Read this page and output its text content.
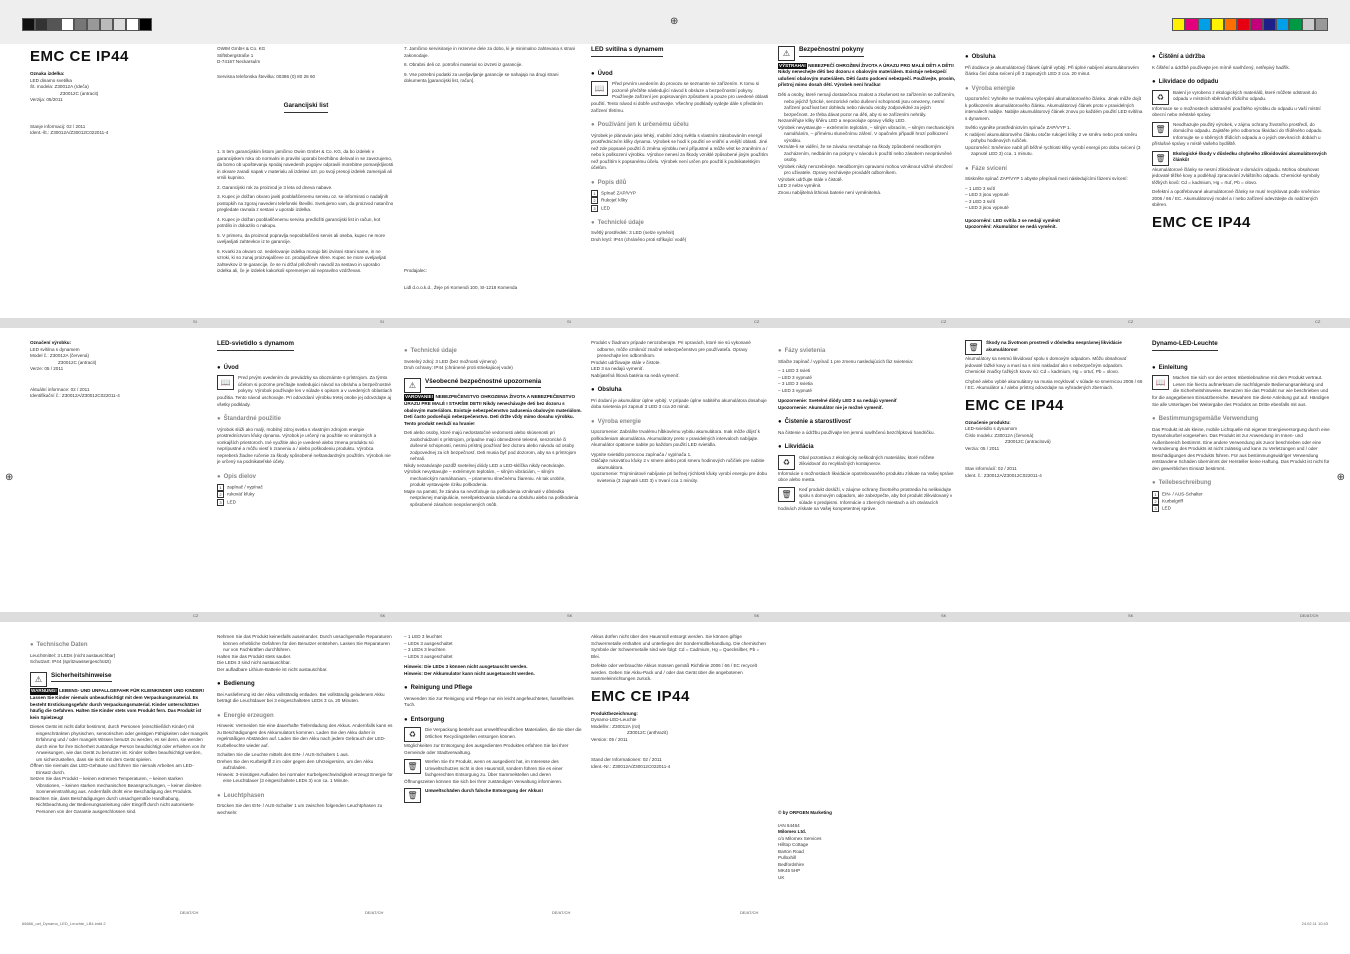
⊕
⊕	⊕
SI	SI	SI	CZ	CZ	CZ	CZ
CZ	SK	SK	SK	SK	SK	DE/AT/CH
DE/AT/CH	DE/AT/CH	DE/AT/CH	DE/AT/CH
66666_ozt_Dynamo_LED_Leuchte_LB4.indd 2	24.02.11 10:43
EMC CE IP44
Oznaka izdelka:
LED dinamo svetilka
Št. modela: Z30012A (rdeča)
Z30012C (antracit)
Verzija: 05/2011
Stanje informacij: 02 / 2011
Ident.-št.: Z30012A/Z30012C022011-4
OWIM GmbH & Co. KG
Stiftsbergstraße 1
D-74167 Neckarsulm
Servisna telefonska številka: 00386 (0) 80 28 60
Garancijski list

1. S tem garancijskim listom jamčimo Owim GmbH & Co. KG, da bo izdelek v garancijskem roku ob normalni in pravilni uporabi brezhibno deloval in se zavezujemo, da bomo ob upoštevanju spodaj navedenih pogojev odpravili morebitne pomanjkljivosti in okvare zaradi napak v materialu ali izdelavi ozr. po svoji presoji izdelek zamenjali ali vrnili kupnino.

2. Garancijski rok za proizvod je 3 leta od dneva nabave.

3. Kupec je dolžan okvaro javiti pooblaščenemu servisu oz. se informirati o nadaljnih postopkih na zgoraj navedeni telefonski številki. Svetujemo vam, da proizvod natančno pregledate ravnala z sestavi v uporabi izdelka.

4. Kupec je dolžan pooblaščenemu servisu predložiti garancijski list in račun, kot potrdilo in dokazilo o nakupu.

5. V primeru, da proizvod popravlja nepooblaščeni servis ali oseba, kupec ne more uveljavljati zahtevkov iz te garancije.

6. Kvarki za okvaro oz. nedelovanje izdelka morajo biti izvirani strani same, in ne vzroki, ki so zunaj proizvajalčeve oz. prodajalčeve sfere. Kupec ne more uveljavljati zahtevkov iz te garancije, če se ni držal priloženih navodil za sestavo in uporabo izdelka ali, če je izdelek kakorkoli spremenjen ali nepravilno vzdrževan.

7. Jamčimo servisiranje in rezervne dele za dobo, ki je minimalno zahtevana s strani zakonodaje.

8. Obrabni deli oz. potrošni material so izvzeti iz garancije.

9. Vse potrebni podatki za uveljavljanje garancije se nahajajo na drugi strani dokumenta [garancijski list, račun].

Prodajalec:

Lidl d.o.o.k.d., Žeje pri Komendi 100, SI-1218 Komenda

LED svítilna s dynamem
● Úvod
📖

Před prvním uvedením do provozu se seznamte se zařízením. K tomu si pozorně přečtěte následující návod k obsluze a bezpečnostní pokyny. Používejte zařízení jen popisovaným způsobem a pouze pro uvedené oblasti použití. Tento návod si dobře uschovejte. Všechny podklady vydejte dále s předáním zařízení třetímu.

● Používání jen k určenému účelu

Výrobek je plánován jako lehký, mobilní zdroj světla s vlastním zásobováním energií prostřednictvím klíky dynama. Výrobek se hodí k použití ve vnitřní a vnější oblasti. Jiné než zde popsané použití či změna výrobku není přípustné a může vést ke zraněním a / nebo k poškození výrobku. Výrobce nenesí za škody vzniklé způsobené jiným použitím než použitím k popsanému účelu. Výrobek není určen pro použití k podnikatelským účelům.

● Popis dílů
1 Spínač ZAP/VYP
2 Rukojeť klíky
3 LED
● Technické údaje
Světlý prostředek: 3 LED (nelze vyměnit)
Druh krytí: IP44 (chráněno proti stříkající vodě)
⚠	Bezpečnostní pokyny

VÝSTRAHA! NEBEZPEČÍ OHROŽENÍ ŽIVOTA A ÚRAZU PRO MALÉ DĚTI A DĚTI! Nikdy nenechejte děti bez dozoru s obalovým materiálem. Existuje nebezpečí udušení obalovým materiálem. Děti často podcení nebezpečí. Používejte, prosím, přístroj mimo dosah dětí. Výrobek není hračka!

Děti a osoby, které nemají dostatečnou znalost a zkušenost se zařízením se zařízením, nebo jejichž fyzické, senzorické nebo duševní schopnosti jsou omezeny, nesmí zařízení používat bez dohledu nebo návodu osoby zodpovědné za jejich bezpečnost. Je třeba dávat pozor na děti, aby si se zařízením nehrály.

Nezaměřujte klíky šňěru LED a nepovolujte opravy vlídky LED.

Výrobek nevystavujte – extrémním teplotám, – silným vibracím, – silným mechanickým namáháním, – přímému slunečnímu záření. V opačném případě hrozí poškození výrobku.

Veznáte-li se vidění, že se závuku nevztahuje na škody způsobené neodborným zacházením, nedbáním na pokyny v návodu k použití nebo zásahem neoprávněné osoby.

Výrobek nikdy nerozebírejte. Neodborným opravami mohou vzniknout vážné ohrožení pro uživatele. Opravy nechávejte provádět odborníkem.

Výrobek udržujte stále v čistotě.

LED 3 nelze vyměnit.

Znovu nabíjitelná lithiová baterie není vyměnitelná.

● Obsluha

Při dodávce je akumulátorový článek úplně vybitý. Při úplné nabíjení akumulátorovém článku činí doba svícení při 3 zapnutých LED 3 cca. 20 minut.

● Výroba energie

Upozornění: Vyhněte se trvalému vyčerpání akumulátorového článku. Jinak může dojít k poškozením akumulátorového článku. Akumulátorový článek proto v pravidelných intervalech nabijte. Nabijte akumulátorový článek znovu po každém použití LED svítilna s dynamem.

Světlo vypněte prostřednictvím spínače ZAP/VYP 1.

K nabíjení akumulátorového článku otočte rukojetí klíky 2 ve směru nebo proti směru pohybu hodinových ručiček.

Upozornění: Směrnice nabít při běžné rychlosti klíky vyrobí energii pro dobu svícení (3 zapnuté LED 3) cca. 1 minutu.

● Fáze svícení

Stiskněte spínač ZAP/VYP 1 abyste přepínali mezi následujícími fázemi svícení:

– 1 LED 3 svítí
– LED 3 jsou vypnuté
– 3 LED 3 svítí
– LED 3 jsou vypnuté
Upozornění: LED svítila 3 se nedají vyměnit
Upozornění: Akumulátor se nedá vyměnit.
● Čištění a údržba

K čištění a údržbě používejte jen mírně navlhčený, netřepivý hadřík.

● Likvidace do odpadu
♻

Balení je vyrobeno z ekologických materiálů, které můžete odstranit do odpadu v místních sběrnách třídicího odpadu.

Informace se o možnostech odstranění použitého výrobku do odpadu u Vaší místní obecní nebo městské správy.

🗑

Neodhazujte použitý výrobek, v zájmu ochrany životního prostředí, do domácího odpadu. Zajistěte jeho odbornou likvidaci do tříděného odpadu. Informujte se o sběrných třídicích odpadu a o jejich otevíracích dobách u příslušné správy v místě Vašeho bydliště.

🗑

Ekologické škody v důsledku chybného zlikvidování akumulátorových článků!

Akumulátorové články se nesmí zlikvidovat v domácím odpadu. Mohou obsahovat jedovaté těžké kovy a podléhají zpracování zvláštního odpadu. Chemické symboly těžkých kovů: Cd = kadmium, Hg = rtuť, Pb = olovo.

Defektní a opotřebované akumulátorové články se musí recyklovat podle směrnice 2006 / 66 / EC. Akumulátorový model a / nebo zařízení odevzdejte do nabízených sběren.

EMC CE IP44
Označení výrobku:
LED svítilna s dynamem
Model č.: Z30012A (červená)
Z30012C (antracit)
Verze: 05 / 2011
Aktuální informace: 02 / 2011
Identifikační č.: Z30012A/Z30012C022011-4
LED-svietidlo s dynamom
● Úvod
📖

Pred prvým uvedením do prevádzky sa oboznámte s prístrojom. Za týmto účelom si pozorne prečítajte nasledujúci návod na obsluhu a bezpečnostné pokyny. Výrobok používajte len v súlade s opisom a v uvedených oblastiach použitia. Tento návod uschovajte. Pri odovzdaní výrobku tretej osobe jej odovzdajte aj všetky podklady.

● Štandardné použitie

Výrobok slúži ako malý, mobilný zdroj svetla s vlastným zdrojom energie prostredníctvom kľuky dynama. Výrobok je určený na použitie vo vnútorných a vonkajších priestoroch. Iné využitie ako je uvedené alebo zmena produktu sú neprípustné a môžu viesť k zraneniu a / alebo poškodeniu produktu. Výrobca nepreberá žiadne ručenie za škody spôsobené neštandardným použitím. Výrobok nie je určený na podnikateľské účely.

● Opis dielov
1 zapínač / vypínač
2 rukoväť kľuky
3 LED
● Technické údaje
Svetelný zdroj: 3 LED (bez možnosti výmeny)
Druh ochrany: IP44 (chránené proti striekajúcej vode)
⚠	Všeobecné bezpečnostné upozornenia

VAROVANIE! NEBEZPEČENSTVO OHROZENIA ŽIVOTA A NEBEZPEČENSTVO ÚRAZU PRE MALÉ I STARŠIE DETI! Nikdy nenechávajte deti bez dozoru s obalovým materiálom. Existuje nebezpečenstvo zadusenia obalovým materiálom. Deti často podceňujú nebezpečenstvo. Deti držte vždy mimo dosahu výrobku. Tento produkt nesluží na hranie!

Deti alebo osoby, ktoré majú nedostatočné vedomosti alebo skúsenosti pri zaobchádzaní s prístrojom, prípadne majú obmedzené telesné, senzorické či duševné schopnosti, nesmú prístroj používať bez dozoru alebo návodu od osoby zodpovednej za ich bezpečnosť. Deti musia byť pod dozorom, aby sa s prístrojom nehrali.

Nikdy nezatvárajte pozdĺž svetelnej diódy LED a LED-sklíčka nikdy neotvárajte.

Výrobok nevystavujte – extrémnym teplotám, – silným vibráciám, – silným mechanickým namáhaniam, – priamemu slnečnému žiareniu. Ak tak urobíte, produkt vystavujete riziku poškodenia.

Majte na pamäti, že záruka sa nevzťahuje na poškodenia vzniknuté v dôsledku nesprávnej manipulácie, nerešpektovania návodu na obsluhu alebo na poškodenia spôsobené zásahom neoprávnených osôb.

Produkt v žiadnom prípade nerozoberajte. Pri opravách, ktoré nie sú vykonané odborne, môže vzniknúť značné nebezpečenstvo pre používateľa. Opravy prenechajte len odborníkom.

Produkt udržiavajte stále v čistote.

LED 3 sa nedajú vymeniť.

Nabíjateľná lítiová batéria sa nedá vymeniť.

● Obsluha

Pri dodaní je akumulátor úplne vybitý. V prípade úplne nabitého akumulátora dosahuje doba svietenia pri zapnutí 3 LED 3 cca 20 minút.

● Výroba energie

Upozornenie: Zabráňte trvalému hĺbkovému vybitiu akumulátora. Inak môže dôjsť k poškodeniam akumulátora. Akumulátory preto v pravidelných intervaloch nabíjajte. Akumulátor opätovne nabite po každom použití LED svietidla.

Vypnite svietidlo pomocou zapínača / vypínača 1.

Otáčajte rukoväťou kľuky 2 v smere alebo proti smeru hodinových ručičiek pre nabitie akumulátora.

Upozornenie: Trojminútové nabíjanie pri bežnej rýchlosti kľuky vyrobí energiu pre dobu svietenia (3 zapnuté LED 3) v trvaní cca 1 minúty.

● Fázy svietenia

Stlačte zapínač / vypínač 1 pre zmenu nasledujúcich fáz svietenia:

– 1 LED 3 svieti
– LED 3 vypnuté
– 3 LED 3 svietia
– LED 3 vypnuté
Upozornenie: Svetelné diódy LED 3 sa nedajú vymeniť
Upozornenie: Akumulátor nie je možné vymeniť.
● Čistenie a starostlivosť

Na čistenie a údržbu používajte len jemnú navlhčenú bezchĺpkovú handričku.

● Likvidácia
♻

Obal pozostáva z ekologicky neškodných materiálov, ktoré môžete zlikvidovať do recyklačných kontajnerov.

Informácie o možnostiach likvidácie opotrebovaného produktu získate na Vašej správe obce alebo mesta.

🗑

Keď produkt doslúži, v záujme ochrany životného prostredia ho nelikvidujte spolu s domovým odpadom, ale zabezpečte, aby bol produkt zlikvidovaný v súlade s predpismi. Informácie o zberných miestach a ich otváracích hodinách získate na Vašej kompetentnej správe.

🗑

Škody na životnom prostredí v dôsledku nesprávnej likvidácie akumulátorov!

Akumulátory sa nesmú likvidovať spolu s domovým odpadom. Môžu obsahovať jedovaté ťažké kovy a musí sa s nimi nakladať ako s nebezpečným odpadom. Chemické značky ťažkých kovov sú: Cd = kadmium, Hg = ortuť, Pb = olovo.

Chybné alebo vybité akumulátory sa musia recyklovať v súlade so smernicou 2006 / 66 / EC. Akumulátor a / alebo prístroj odovzdajte na vyhradených zberniach.

EMC CE IP44
Označenie produktu:
LED-svietidlo s dynamom
Číslo modelu: Z30012A (červená)
Z30012C (antracitová)
Verzia: 05 / 2011
Stav informácií: 02 / 2011
Ident. č.: Z30012A/Z30012C022011-4
Dynamo-LED-Leuchte
● Einleitung
📖

Machen Sie sich vor der ersten Inbetriebnahme mit dem Produkt vertraut. Lesen Sie hierzu aufmerksam die nachfolgende Bedienungsanleitung und die Sicherheitshinweise. Benutzen Sie das Produkt nur wie beschrieben und für die angegebenen Einsatzbereiche. Bewahren Sie diese Anleitung gut auf. Händigen Sie alle Unterlagen bei Weitergabe des Produkts an Dritte ebenfalls mit aus.

● Bestimmungsgemäße Verwendung

Das Produkt ist als kleine, mobile Lichtquelle mit eigener Energieversorgung durch eine Dynamokurbel vorgesehen. Das Produkt ist zur Anwendung im Innen- und Außenbereich bestimmt. Eine andere Verwendung als zuvor beschrieben oder eine Veränderung des Produkts ist nicht zulässig und kann zu Verletzungen und / oder Beschädigungen des Produkts führen. Für aus bestimmungswidriger Verwendung entstandene Schäden übernimmt der Hersteller keine Haftung. Das Produkt ist nicht für den gewerblichen Einsatz bestimmt.

● Teilebeschreibung
1 EIN- / AUS-Schalter
2 Kurbelgriff
3 LED
● Technische Daten
Leuchtmittel: 3 LEDs (nicht austauschbar)
Schutzart: IP44 (spritzwassergeschützt)
⚠	Sicherheitshinweise

WARNUNG! LEBENS- UND UNFALLGEFAHR FÜR KLEINKINDER UND KINDER! Lassen Sie Kinder niemals unbeaufsichtigt mit dem Verpackungsmaterial. Es besteht Erstickungsgefahr durch Verpackungsmaterial. Kinder unterschätzen häufig die Gefahren. Halten Sie Kinder stets vom Produkt fern. Das Produkt ist kein Spielzeug!

Dieses Gerät ist nicht dafür bestimmt, durch Personen (einschließlich Kinder) mit eingeschränkten physischen, sensorischen oder geistigen Fähigkeiten oder mangels Erfahrung und / oder mangels Wissen benutzt zu werden, es sei denn, sie werden durch eine für ihre Sicherheit zuständige Person beaufsichtigt oder erhielten von ihr Anweisungen, wie das Gerät zu benutzen ist. Kinder sollten beaufsichtigt werden, um sicherzustellen, dass sie nicht mit dem Gerät spielen.

Öffnen Sie niemals das LED-Gehäuse und führen Sie niemals Arbeiten am LED-Einsatz durch.

Setzen Sie das Produkt – keinen extremen Temperaturen, – keinen starken Vibrationen, – keinen starken mechanischen Beanspruchungen, – keiner direkten Sonneneinstrahlung aus. Andernfalls droht eine Beschädigung des Produkts.

Beachten Sie, dass Beschädigungen durch unsachgemäße Handhabung, Nichtbeachtung der Bedienungsanleitung oder Eingriff durch nicht autorisierte Personen von der Garantie ausgeschlossen sind.

Nehmen Sie das Produkt keinesfalls auseinander. Durch unsachgemäße Reparaturen können erhebliche Gefahren für den Benutzer entstehen. Lassen Sie Reparaturen nur von Fachkräften durchführen.

Halten Sie das Produkt stets sauber.

Die LEDs 3 sind nicht austauschbar.

Der aufladbare Lithium-Batterie ist nicht austauschbar.

● Bedienung

Bei Auslieferung ist der Akku vollständig entladen. Bei vollständig geladenem Akku beträgt die Leuchtdauer bei 3 eingeschalteten LEDs 3 ca. 20 Minuten.

● Energie erzeugen

Hinweis: Vermeiden Sie eine dauerhafte Tiefentladung des Akkus. Andernfalls kann es zu Beschädigungen des Akkumulators kommen. Laden Sie den Akku daher in regelmäßigen Abständen auf. Laden Sie den Akku nach jedem Gebrauch der LED-Kurbelleuchte wieder auf.

Schalten Sie die Leuchte mittels des EIN- / AUS-Schalters 1 aus.

Drehen Sie den Kurbelgriff 2 im oder gegen den Uhrzeigersinn, um den Akku aufzuladen.

Hinweis: 3-minütiges Aufladen bei normaler Kurbelgeschwindigkeit erzeugt Energie für eine Leuchtdauer (3 eingeschaltete LEDs 3) von ca. 1 Minute.

● Leuchtphasen

Drücken Sie den EIN- / AUS-Schalter 1 um zwischen folgenden Leuchtphasen zu wechseln:

– 1 LED 3 leuchtet
– LEDs 3 ausgeschaltet
– 3 LEDs 3 leuchten
– LEDs 3 ausgeschaltet
Hinweis: Die LEDs 3 können nicht ausgetauscht werden.
Hinweis: Der Akkumulator kann nicht ausgetauscht werden.
● Reinigung und Pflege

Verwenden Sie zur Reinigung und Pflege nur ein leicht angefeuchtetes, fusselfreies Tuch.

● Entsorgung
♻

Die Verpackung besteht aus umweltfreundlichen Materialien, die Sie über die örtlichen Recyclingstellen entsorgen können.

Möglichkeiten zur Entsorgung des ausgedienten Produktes erfahren Sie bei Ihrer Gemeinde oder Stadtverwaltung.

🗑

Werfen Sie Ihr Produkt, wenn es ausgedient hat, im Interesse des Umweltschutzes nicht in den Hausmüll, sondern führen Sie es einer fachgerechten Entsorgung zu. Über Sammelstellen und deren Öffnungszeiten können Sie sich bei Ihrer zuständigen Verwaltung informieren.

🗑

Umweltschäden durch falsche Entsorgung der Akkus!

Akkus dürfen nicht über den Hausmüll entsorgt werden. Sie können giftige Schwermetalle enthalten und unterliegen der Sondermüllbehandlung. Die chemischen Symbole der Schwermetalle sind wie folgt: Cd = Cadmium, Hg = Quecksilber, Pb = Blei.

Defekte oder verbrauchte Akkus müssen gemäß Richtlinie 2006 / 66 / EC recycelt werden. Geben Sie Akku-Pack und / oder das Gerät über die angebotenen Sammeleinrichtungen zurück.

EMC CE IP44
Produktbezeichnung:
Dynamo-LED-Leuchte
Modellnr.: Z30012A (rot)
Z30012C (anthrazit)
Version: 05 / 2011
Stand der Informationen: 02 / 2011
Ident.-Nr.: Z30012A/Z30012C022011-4
© by ORFGEN Marketing
IAN 64464
Milomex Ltd.
c/o Milomex Services
Hilltop Cottage
Barton Road
Pulloxhill
Bedfordshire
MK45 5HP
UK
